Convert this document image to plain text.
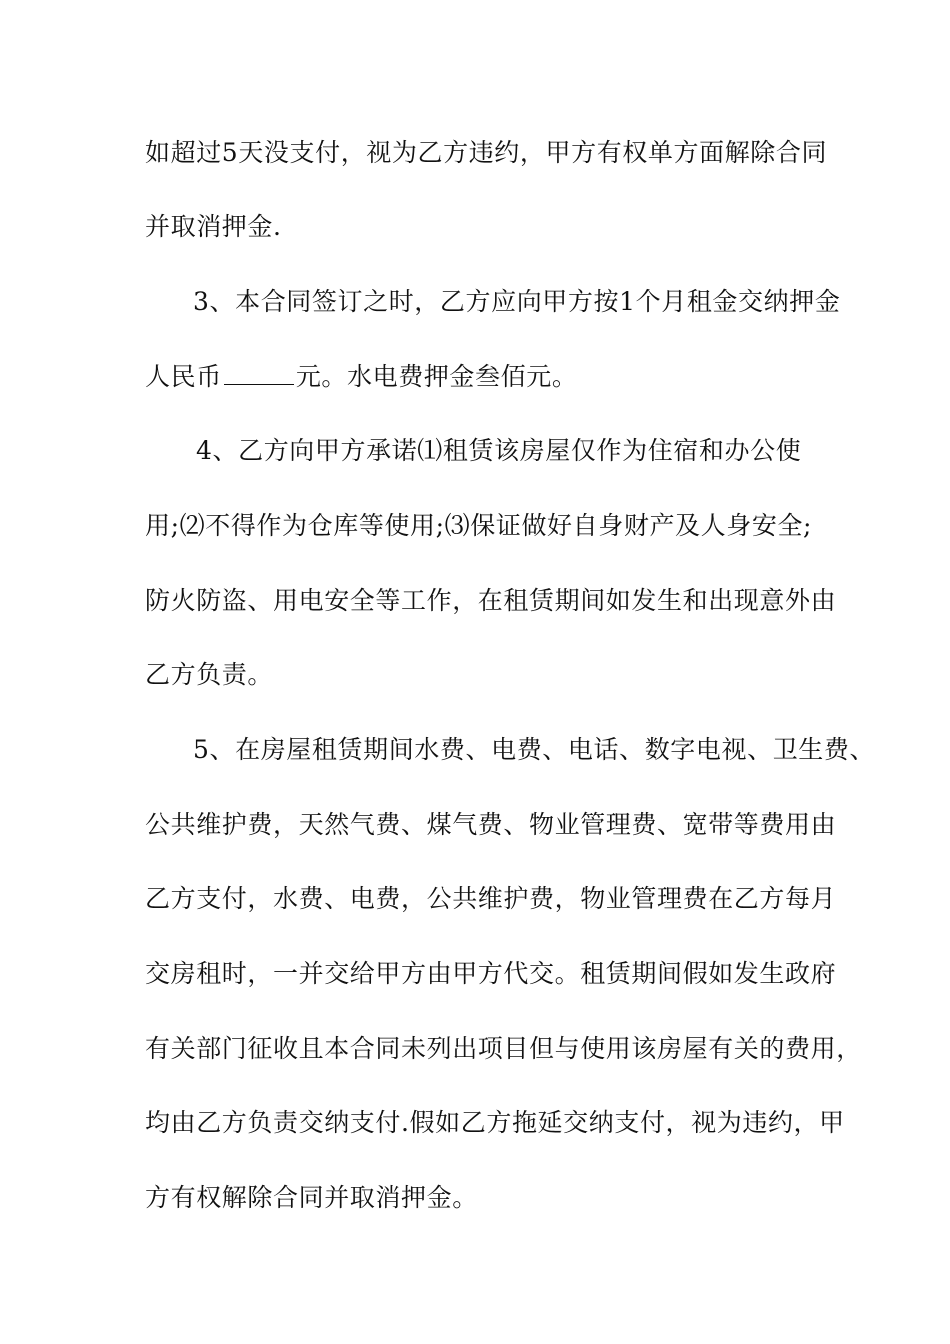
如超过5天没支付，视为乙方违约，甲方有权单方面解除合同
并取消押金.
3、本合同签订之时，乙方应向甲方按1个月租金交纳押金
人民币	元。水电费押金叁佰元。
4、乙方向甲方承诺⑴租赁该房屋仅作为住宿和办公使
用;⑵不得作为仓库等使用;⑶保证做好自身财产及人身安全;
防火防盗、用电安全等工作，在租赁期间如发生和出现意外由
乙方负责。
5、在房屋租赁期间水费、电费、电话、数字电视、卫生费、
公共维护费，天然气费、煤气费、物业管理费、宽带等费用由
乙方支付，水费、电费，公共维护费，物业管理费在乙方每月
交房租时，一并交给甲方由甲方代交。租赁期间假如发生政府
有关部门征收且本合同未列出项目但与使用该房屋有关的费用，
均由乙方负责交纳支付.假如乙方拖延交纳支付，视为违约，甲
方有权解除合同并取消押金。
